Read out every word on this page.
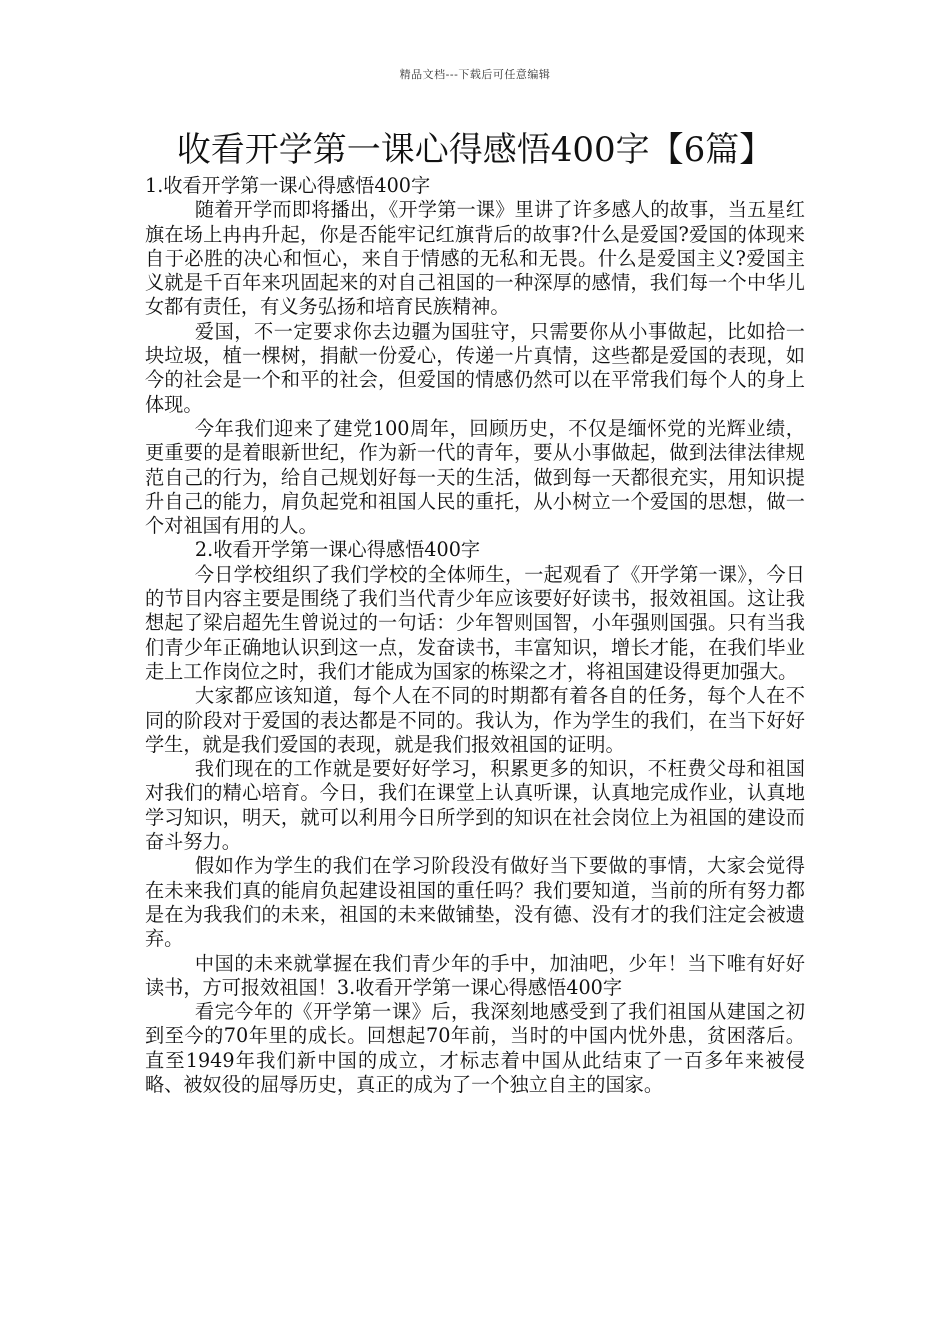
精品文档---下载后可任意编辑
收看开学第一课心得感悟400字【6篇】

1.收看开学第一课心得感悟400字

随着开学而即将播出，《开学第一课》里讲了许多感人的故事，当五星红旗在场上冉冉升起，你是否能牢记红旗背后的故事?什么是爱国?爱国的体现来自于必胜的决心和恒心，来自于情感的无私和无畏。什么是爱国主义?爱国主义就是千百年来巩固起来的对自己祖国的一种深厚的感情，我们每一个中华儿女都有责任，有义务弘扬和培育民族精神。

爱国，不一定要求你去边疆为国驻守，只需要你从小事做起，比如拾一块垃圾，植一棵树，捐献一份爱心，传递一片真情，这些都是爱国的表现，如今的社会是一个和平的社会，但爱国的情感仍然可以在平常我们每个人的身上体现。

今年我们迎来了建党100周年，回顾历史，不仅是缅怀党的光辉业绩，更重要的是着眼新世纪，作为新一代的青年，要从小事做起，做到法律法律规范自己的行为，给自己规划好每一天的生活，做到每一天都很充实，用知识提升自己的能力，肩负起党和祖国人民的重托，从小树立一个爱国的思想，做一个对祖国有用的人。

2.收看开学第一课心得感悟400字

今日学校组织了我们学校的全体师生，一起观看了《开学第一课》，今日的节目内容主要是围绕了我们当代青少年应该要好好读书，报效祖国。这让我想起了梁启超先生曾说过的一句话：少年智则国智，小年强则国强。只有当我们青少年正确地认识到这一点，发奋读书，丰富知识，增长才能，在我们毕业走上工作岗位之时，我们才能成为国家的栋梁之才，将祖国建设得更加强大。

大家都应该知道，每个人在不同的时期都有着各自的任务，每个人在不同的阶段对于爱国的表达都是不同的。我认为，作为学生的我们，在当下好好学生，就是我们爱国的表现，就是我们报效祖国的证明。

我们现在的工作就是要好好学习，积累更多的知识，不枉费父母和祖国对我们的精心培育。今日，我们在课堂上认真听课，认真地完成作业，认真地学习知识，明天，就可以利用今日所学到的知识在社会岗位上为祖国的建设而奋斗努力。

假如作为学生的我们在学习阶段没有做好当下要做的事情，大家会觉得在未来我们真的能肩负起建设祖国的重任吗？我们要知道，当前的所有努力都是在为我我们的未来，祖国的未来做铺垫，没有德、没有才的我们注定会被遗弃。

中国的未来就掌握在我们青少年的手中，加油吧，少年！当下唯有好好读书，方可报效祖国！3.收看开学第一课心得感悟400字

看完今年的《开学第一课》后，我深刻地感受到了我们祖国从建国之初到至今的70年里的成长。回想起70年前，当时的中国内忧外患，贫困落后。直至1949年我们新中国的成立，才标志着中国从此结束了一百多年来被侵略、被奴役的屈辱历史，真正的成为了一个独立自主的国家。
